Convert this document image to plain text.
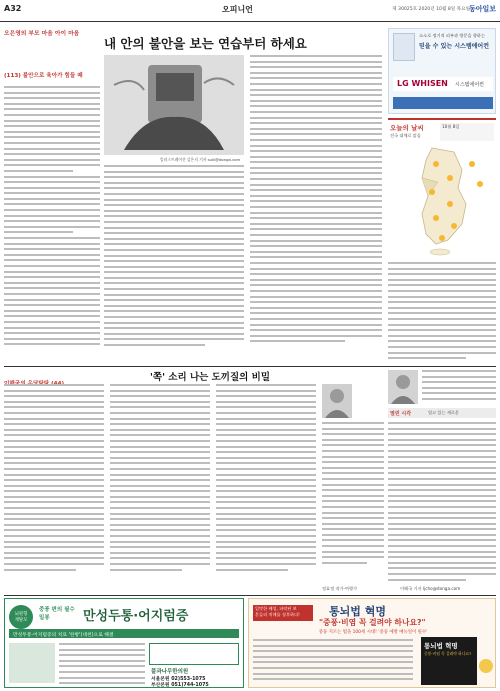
A32	오피니언	제 30025호 2020년 10월 8일 목요일
동아일보
오은영의 부모 마음 아이 마음
(113) 불안으로 육아가 힘들 때
내 안의 불안을 보는 연습부터 하세요
일러스트레이션 김은지 기자 sulli@donga.com
소소로 정기적 피부과 방문을 향하는
믿을 수 있는 시스템에어컨
LG WHISEN 시스템에어컨
오늘의 날씨
전국 대체로 맑음
10월 8일
'쪽' 소리 나는 도끼질의 비밀
열린 시각	열고 있는 새로운
정효정 작가·여행가	이해국 기자 ljcho@donga.com
뇌원형
재탈모
중풍 편의 필수 밀봉	만성두통·어지럼증
만성두통·어지럼증의 치료 '한방'(대천)으로 해결
풀과나무한의원
서울본원 02)553-1075
부산본원 051)744-1075
입맛한 배성, 파악된 보
흔들리 치매를 징후하다!	통뇌법 혁명
"중풍·비염 꼭 걸려야 하나요?"
중풍 지르는 법을 100세 시대! '중풍 예방 매뉴얼이 필수'
통뇌법 혁명
중풍·비염 꼭 걸려야 하나요?
